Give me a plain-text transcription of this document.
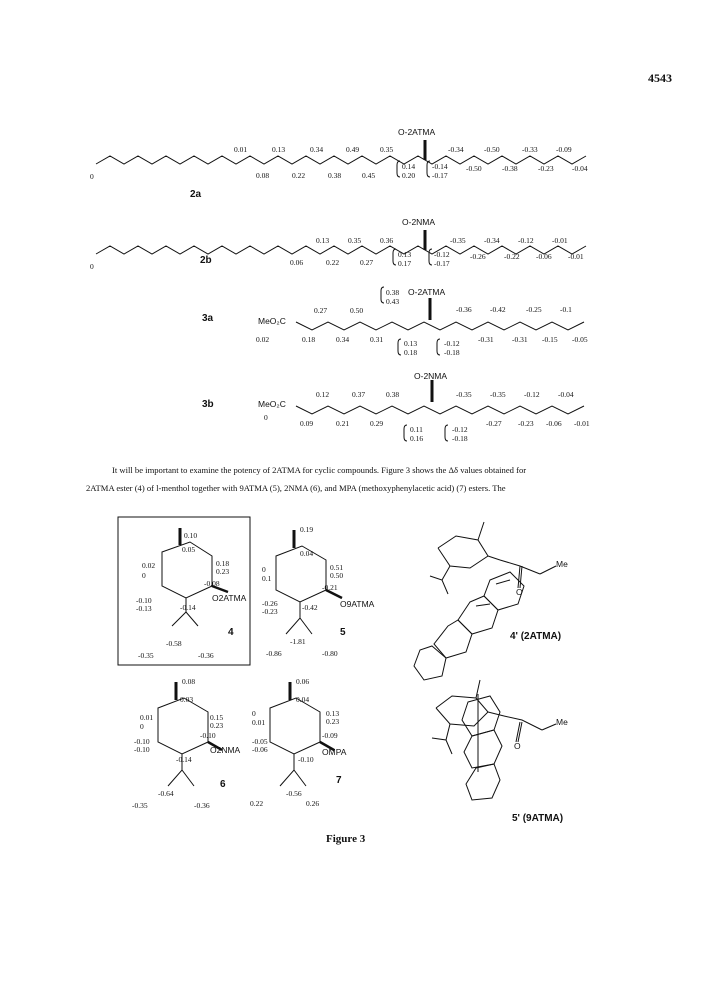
4543
O-2ATMA
0
2a
0.01	0.13	0.34	0.49	0.35	-0.34	-0.50	-0.33 -0.09
0.08	0.22	0.38	0.45
0.14
0.20
-0.14
-0.17
-0.50	-0.38	-0.23 -0.04
O-2NMA
0
2b
0.13	0.35	0.36	-0.35 -0.34 -0.12 -0.01
0.06	0.22	0.27
0.13
0.17
-0.12
-0.17
-0.26 -0.22 -0.06 -0.01
O-2ATMA
3a	MeO₂C
0.27	0.50
0.38
0.43
-0.36 -0.42	-0.25 -0.1
0.02	0.18	0.34	0.31	0.13
0.18
-0.12
-0.18
-0.31 -0.31 -0.15 -0.05
O-2NMA
3b	MeO₂C
0
0.12	0.37	0.38	-0.35 -0.35 -0.12 -0.04
0.09	0.21	0.29
0.11
0.16
-0.12
-0.18
-0.27 -0.23 -0.06 -0.01
It will be important to examine the potency of 2ATMA for cyclic compounds. Figure 3 shows the Δδ values obtained for
2ATMA ester (4) of l-menthol together with 9ATMA (5), 2NMA (6), and MPA (methoxyphenylacetic acid) (7) esters. The
0.10
0.05
0.02
0
0.18
0.23
-0.08
-0.10
-0.13
O2ATMA
-0.14
-0.58
-0.35	-0.36
4
0.19
0.04
0
0.1
0.51
0.50
-0.21
-0.26
-0.23
O9ATMA
-0.42
-1.81
-0.86	-0.80
5
0.08
0.03
0.01
0
0.15
0.23
-0.10
-0.10
-0.10	O2NMA
-0.14
-0.64
-0.35	-0.36
6
0.06
0.04
0
0.01
0.13
0.23
-0.09
-0.05
-0.06	OMPA
-0.10
-0.56
0.22	0.26
7
O
Me
4' (2ATMA)
O
Me
5' (9ATMA)
Figure 3
